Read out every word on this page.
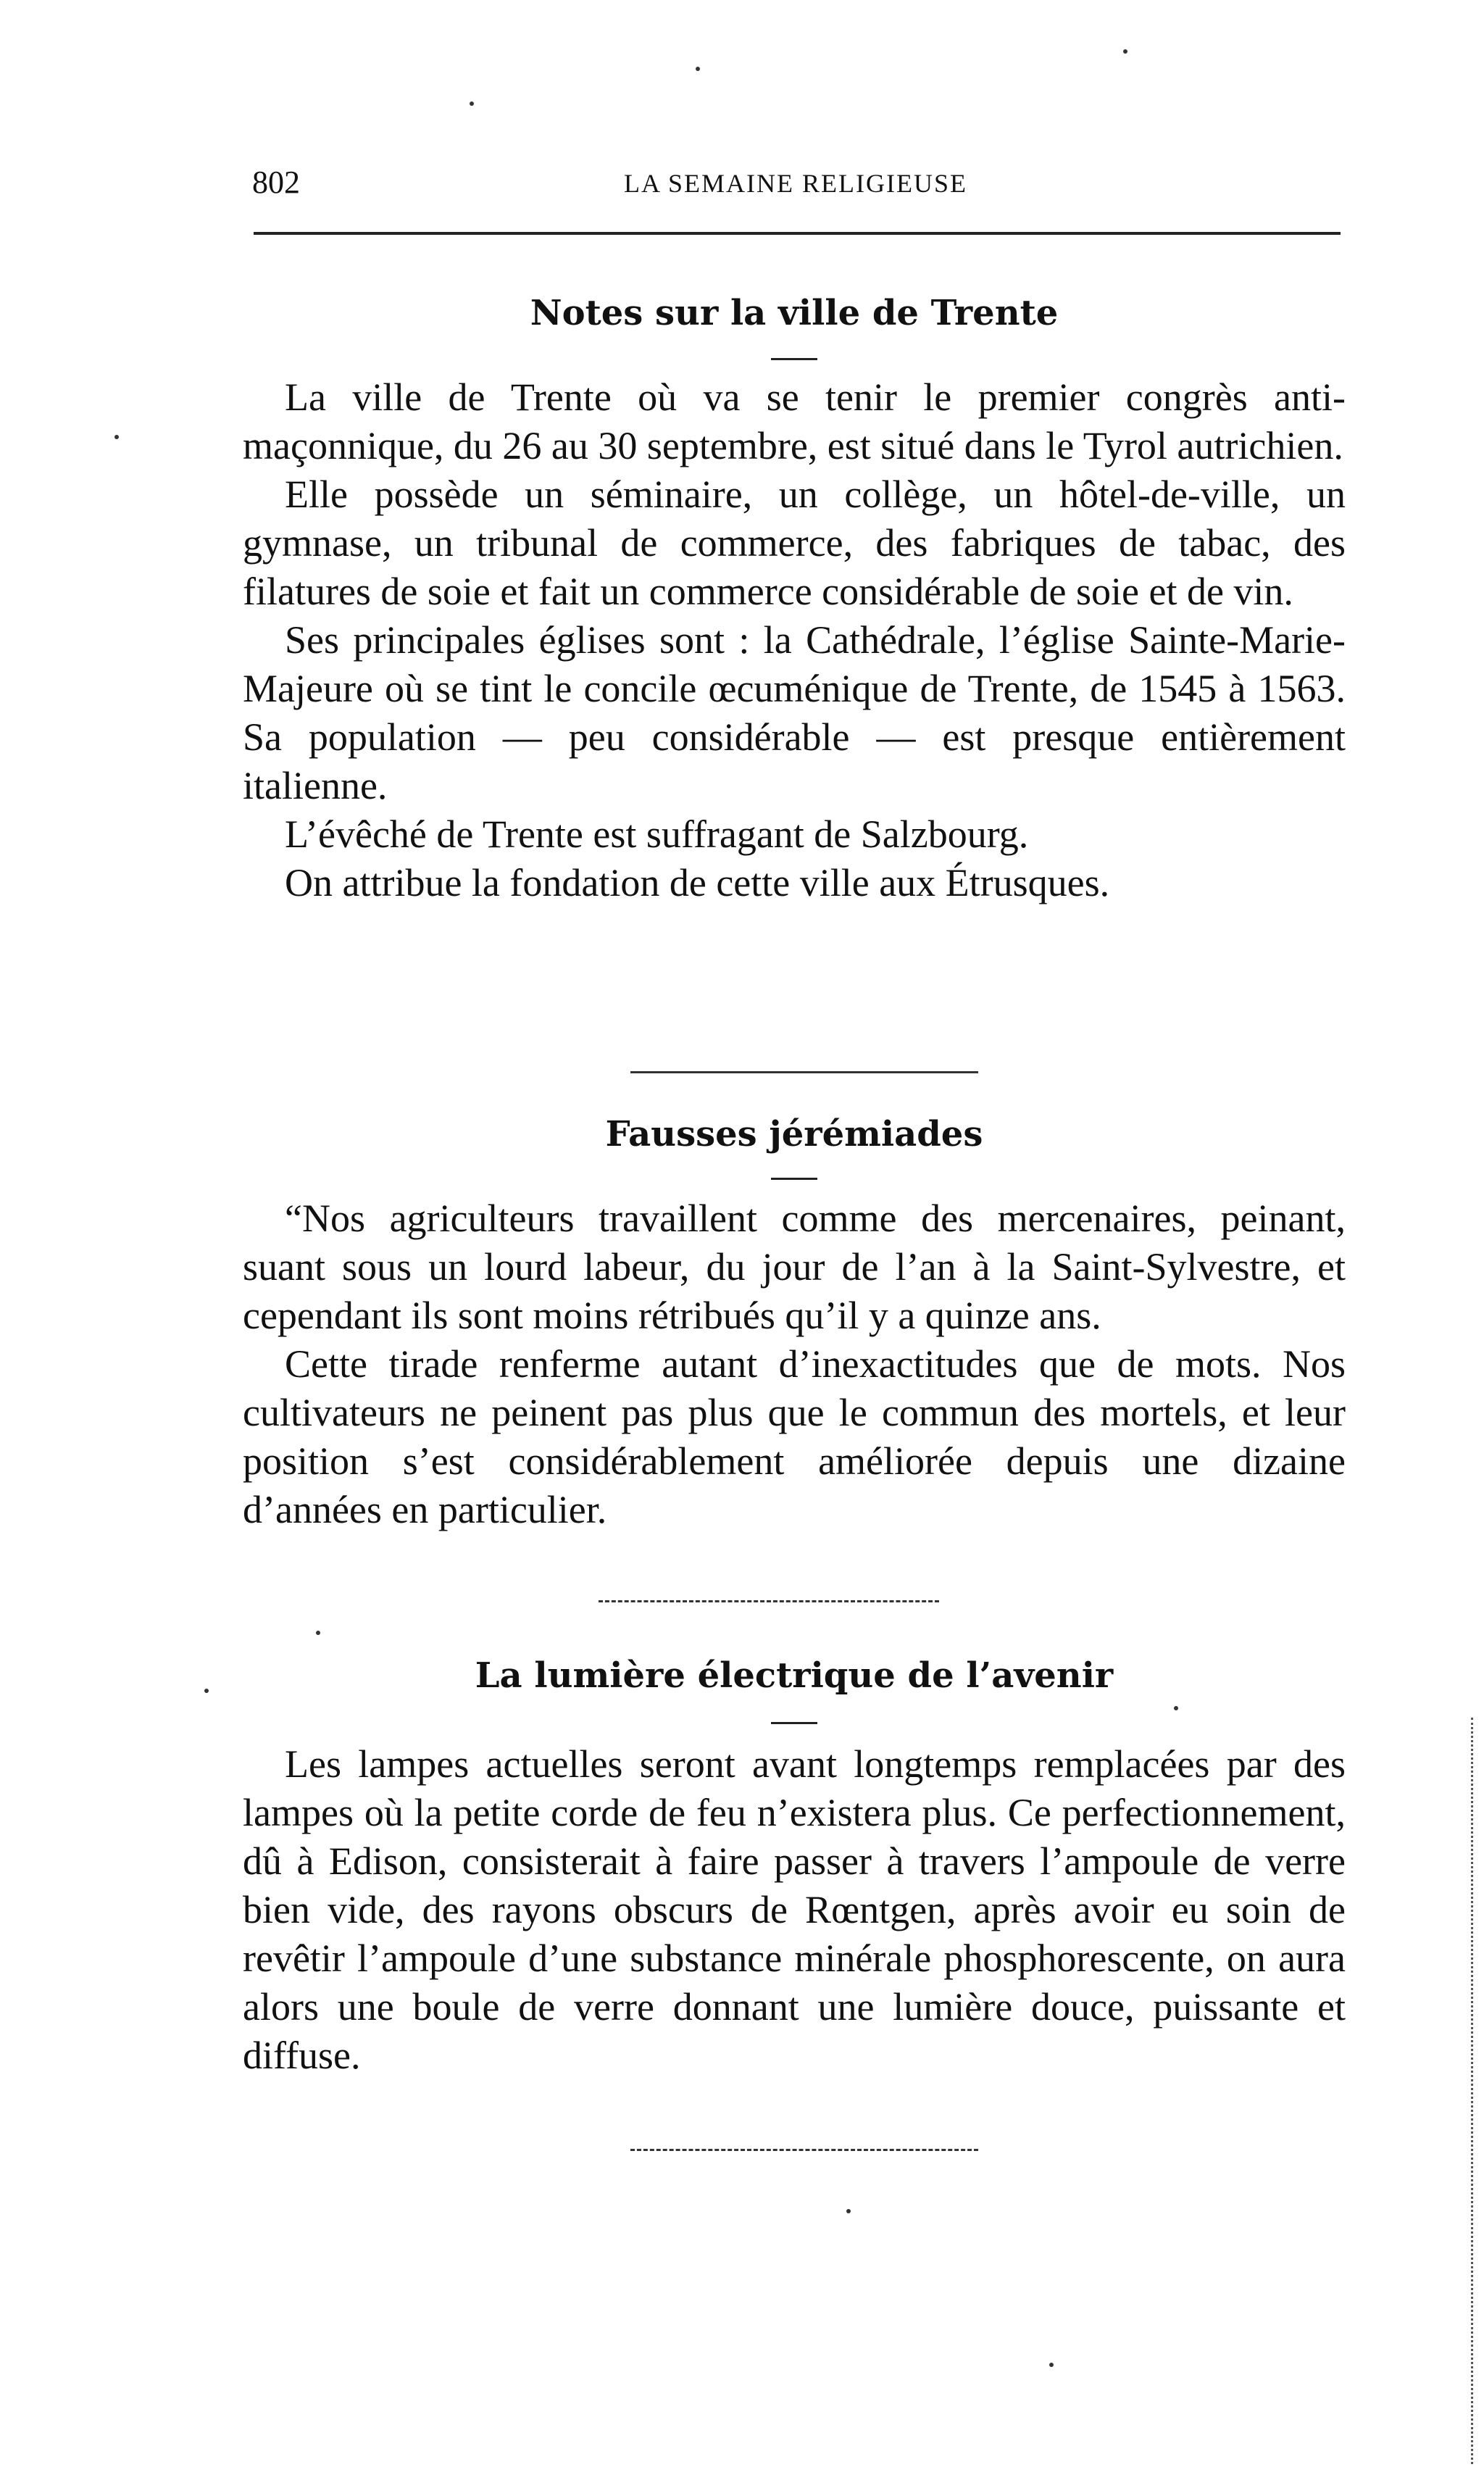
802	LA SEMAINE RELIGIEUSE
Notes sur la ville de Trente

La ville de Trente où va se tenir le premier congrès anti-maçonnique, du 26 au 30 septembre, est situé dans le Tyrol autrichien.

Elle possède un séminaire, un collège, un hôtel-de-ville, un gymnase, un tribunal de commerce, des fabriques de tabac, des filatures de soie et fait un commerce considérable de soie et de vin.

Ses principales églises sont : la Cathédrale, l’église Sainte-Marie-Majeure où se tint le concile œcuménique de Trente, de 1545 à 1563. Sa population — peu considérable — est presque entièrement italienne.

L’évêché de Trente est suffragant de Salzbourg.

On attribue la fondation de cette ville aux Étrusques.

Fausses jérémiades

“Nos agriculteurs travaillent comme des mercenaires, peinant, suant sous un lourd labeur, du jour de l’an à la Saint-Sylvestre, et cependant ils sont moins rétribués qu’il y a quinze ans.

Cette tirade renferme autant d’inexactitudes que de mots. Nos cultivateurs ne peinent pas plus que le commun des mortels, et leur position s’est considérablement améliorée depuis une dizaine d’années en particulier.

La lumière électrique de l’avenir

Les lampes actuelles seront avant longtemps remplacées par des lampes où la petite corde de feu n’existera plus. Ce perfectionnement, dû à Edison, consisterait à faire passer à travers l’ampoule de verre bien vide, des rayons obscurs de Rœntgen, après avoir eu soin de revêtir l’ampoule d’une substance minérale phosphorescente, on aura alors une boule de verre donnant une lumière douce, puissante et diffuse.
